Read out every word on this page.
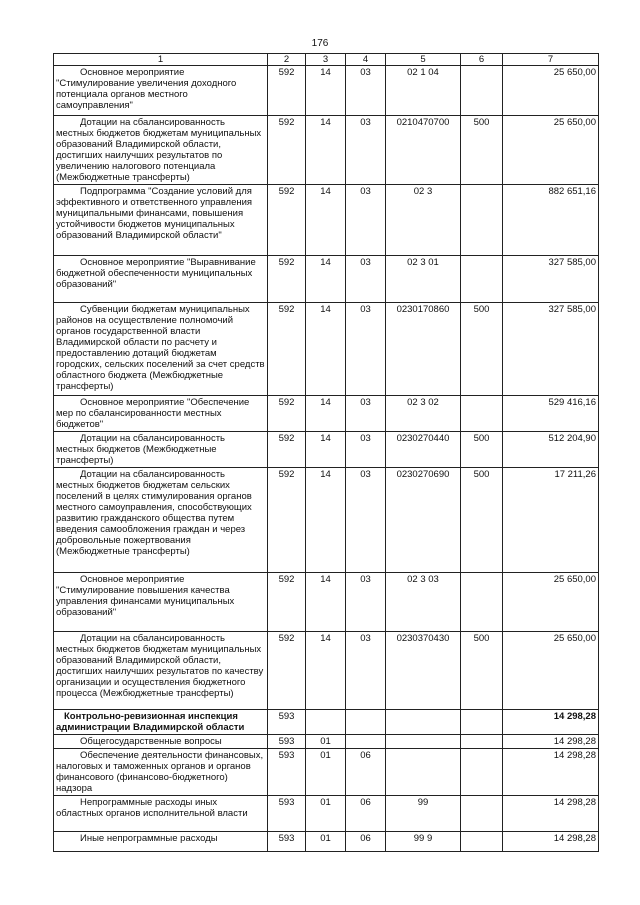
176
1	2	3	4	5	6	7

Основное мероприятие "Стимулирование увеличения доходного потенциала органов местного самоуправления"	592	14	03	02 1 04		25 650,00

Дотации на сбалансированность местных бюджетов бюджетам муниципальных образований Владимирской области, достигших наилучших результатов по увеличению налогового потенциала (Межбюджетные трансферты)	592	14	03	0210470700	500	25 650,00

Подпрограмма "Создание условий для эффективного и ответственного управления муниципальными финансами, повышения устойчивости бюджетов муниципальных образований Владимирской области"	592	14	03	02 3		882 651,16

Основное мероприятие "Выравнивание бюджетной обеспеченности муниципальных образований"	592	14	03	02 3 01		327 585,00

Субвенции бюджетам муниципальных районов на осуществление полномочий органов государственной власти Владимирской области по расчету и предоставлению дотаций бюджетам городских, сельских поселений за счет средств областного бюджета (Межбюджетные трансферты)	592	14	03	0230170860	500	327 585,00

Основное мероприятие "Обеспечение мер по сбалансированности местных бюджетов"	592	14	03	02 3 02		529 416,16

Дотации на сбалансированность местных бюджетов (Межбюджетные трансферты)	592	14	03	0230270440	500	512 204,90

Дотации на сбалансированность местных бюджетов бюджетам сельских поселений в целях стимулирования органов местного самоуправления, способствующих развитию гражданского общества путем введения самообложения граждан и через добровольные пожертвования (Межбюджетные трансферты)	592	14	03	0230270690	500	17 211,26

Основное мероприятие "Стимулирование повышения качества управления финансами муниципальных образований"	592	14	03	02 3 03		25 650,00

Дотации на сбалансированность местных бюджетов бюджетам муниципальных образований Владимирской области, достигших наилучших результатов по качеству организации и осуществления бюджетного процесса (Межбюджетные трансферты)	592	14	03	0230370430	500	25 650,00

Контрольно-ревизионная инспекция администрации Владимирской области	593					14 298,28

Общегосударственные вопросы	593	01				14 298,28

Обеспечение деятельности финансовых, налоговых и таможенных органов и органов финансового (финансово-бюджетного) надзора	593	01	06			14 298,28

Непрограммные расходы иных областных органов исполнительной власти	593	01	06	99		14 298,28

Иные непрограммные расходы	593	01	06	99 9		14 298,28
